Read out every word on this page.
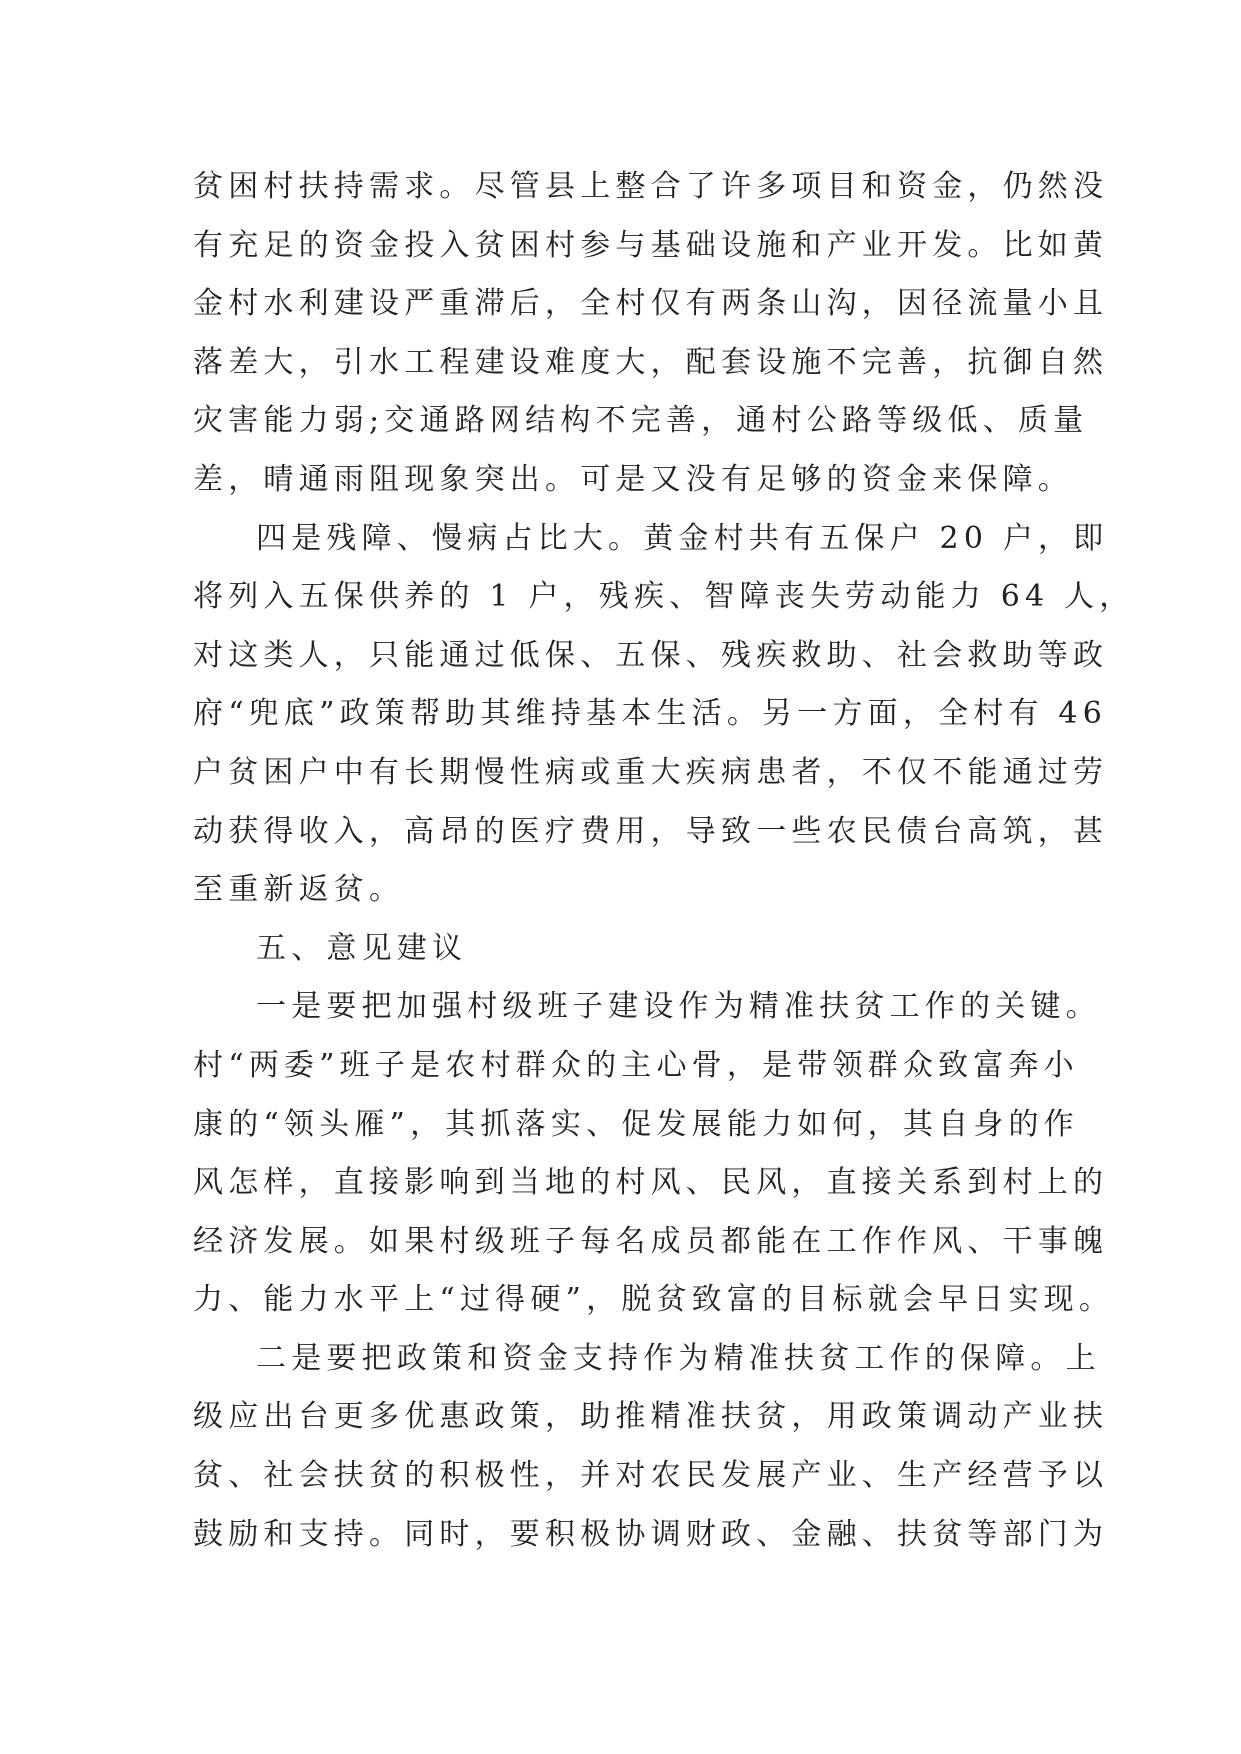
贫困村扶持需求。尽管县上整合了许多项目和资金，仍然没
有充足的资金投入贫困村参与基础设施和产业开发。比如黄
金村水利建设严重滞后，全村仅有两条山沟，因径流量小且
落差大，引水工程建设难度大，配套设施不完善，抗御自然
灾害能力弱;交通路网结构不完善，通村公路等级低、质量
差，晴通雨阻现象突出。可是又没有足够的资金来保障。
四是残障、慢病占比大。黄金村共有五保户 20 户，即
将列入五保供养的 1 户，残疾、智障丧失劳动能力 64 人，
对这类人，只能通过低保、五保、残疾救助、社会救助等政
府“兜底”政策帮助其维持基本生活。另一方面，全村有 46
户贫困户中有长期慢性病或重大疾病患者，不仅不能通过劳
动获得收入，高昂的医疗费用，导致一些农民债台高筑，甚
至重新返贫。
五、意见建议
一是要把加强村级班子建设作为精准扶贫工作的关键。
村“两委”班子是农村群众的主心骨，是带领群众致富奔小
康的“领头雁”，其抓落实、促发展能力如何，其自身的作
风怎样，直接影响到当地的村风、民风，直接关系到村上的
经济发展。如果村级班子每名成员都能在工作作风、干事魄
力、能力水平上“过得硬”，脱贫致富的目标就会早日实现。
二是要把政策和资金支持作为精准扶贫工作的保障。上
级应出台更多优惠政策，助推精准扶贫，用政策调动产业扶
贫、社会扶贫的积极性，并对农民发展产业、生产经营予以
鼓励和支持。同时，要积极协调财政、金融、扶贫等部门为
